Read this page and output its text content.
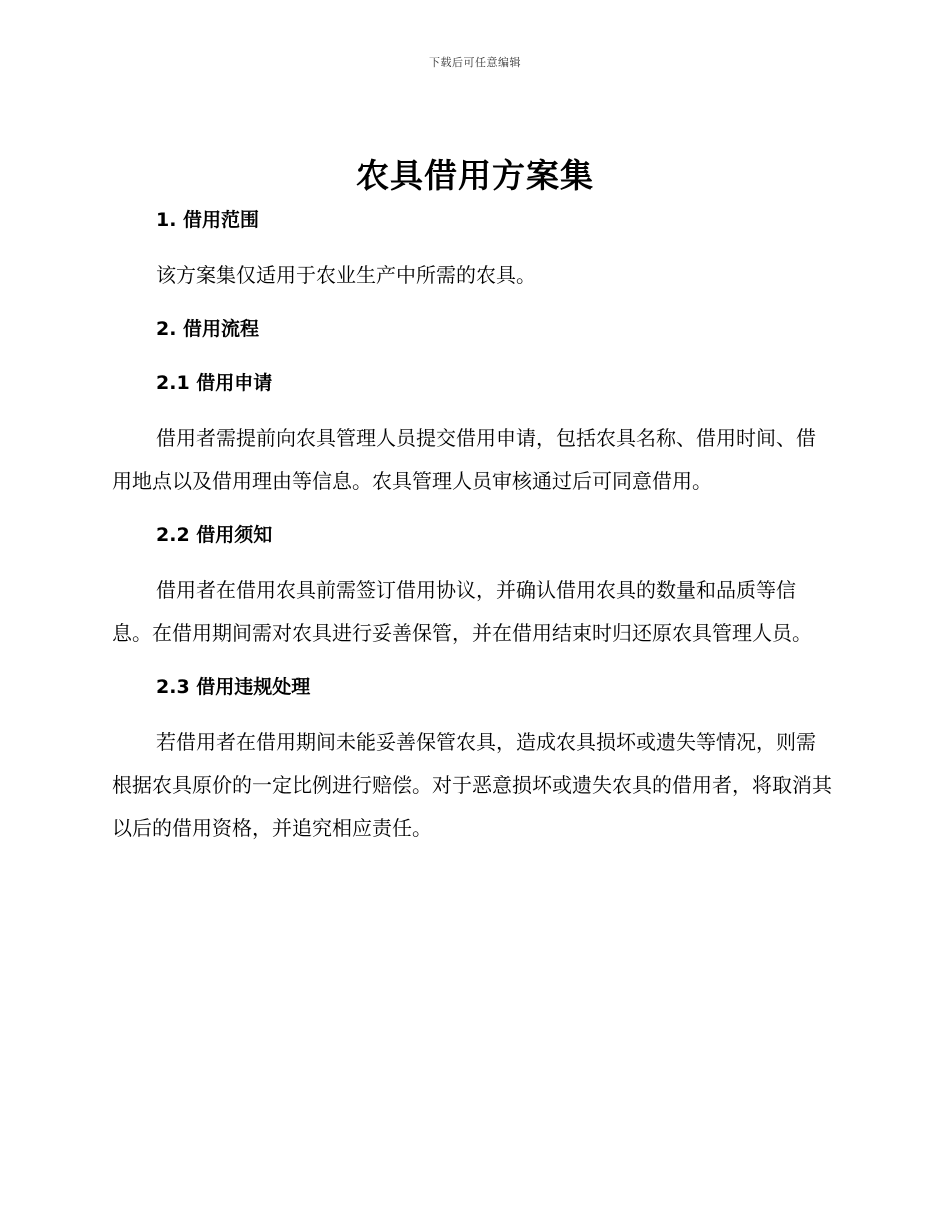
下载后可任意编辑
农具借用方案集

1. 借用范围

该方案集仅适用于农业生产中所需的农具。

2. 借用流程

2.1 借用申请

借用者需提前向农具管理人员提交借用申请，包括农具名称、借用时间、借用地点以及借用理由等信息。农具管理人员审核通过后可同意借用。

2.2 借用须知

借用者在借用农具前需签订借用协议，并确认借用农具的数量和品质等信息。在借用期间需对农具进行妥善保管，并在借用结束时归还原农具管理人员。

2.3 借用违规处理

若借用者在借用期间未能妥善保管农具，造成农具损坏或遗失等情况，则需根据农具原价的一定比例进行赔偿。对于恶意损坏或遗失农具的借用者，将取消其以后的借用资格，并追究相应责任。
